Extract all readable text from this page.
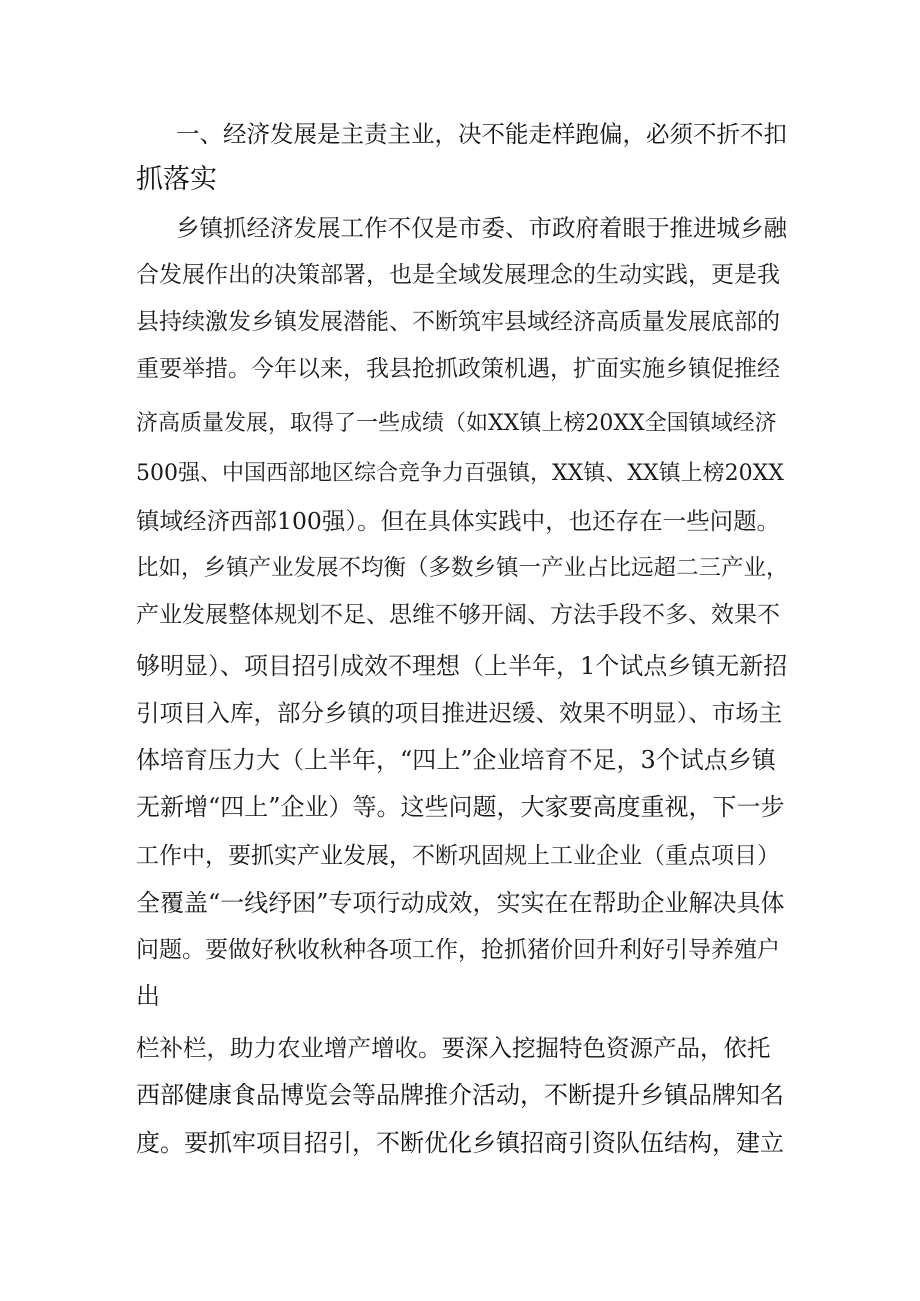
一、经济发展是主责主业，决不能走样跑偏，必须不折不扣
抓落实
乡镇抓经济发展工作不仅是市委、市政府着眼于推进城乡融
合发展作出的决策部署，也是全域发展理念的生动实践，更是我
县持续激发乡镇发展潜能、不断筑牢县域经济高质量发展底部的
重要举措。今年以来，我县抢抓政策机遇，扩面实施乡镇促推经
济高质量发展，取得了一些成绩（如XX镇上榜20XX全国镇域经济
500强、中国西部地区综合竞争力百强镇，XX镇、XX镇上榜20XX
镇域经济西部100强）。但在具体实践中，也还存在一些问题。
比如，乡镇产业发展不均衡（多数乡镇一产业占比远超二三产业，
产业发展整体规划不足、思维不够开阔、方法手段不多、效果不
够明显）、项目招引成效不理想（上半年，1个试点乡镇无新招
引项目入库，部分乡镇的项目推进迟缓、效果不明显）、市场主
体培育压力大（上半年，“四上”企业培育不足，3个试点乡镇
无新增“四上”企业）等。这些问题，大家要高度重视，下一步
工作中，要抓实产业发展，不断巩固规上工业企业（重点项目）
全覆盖“一线纾困”专项行动成效，实实在在帮助企业解决具体
问题。要做好秋收秋种各项工作，抢抓猪价回升利好引导养殖户
出
栏补栏，助力农业增产增收。要深入挖掘特色资源产品，依托
西部健康食品博览会等品牌推介活动，不断提升乡镇品牌知名
度。要抓牢项目招引，不断优化乡镇招商引资队伍结构，建立
